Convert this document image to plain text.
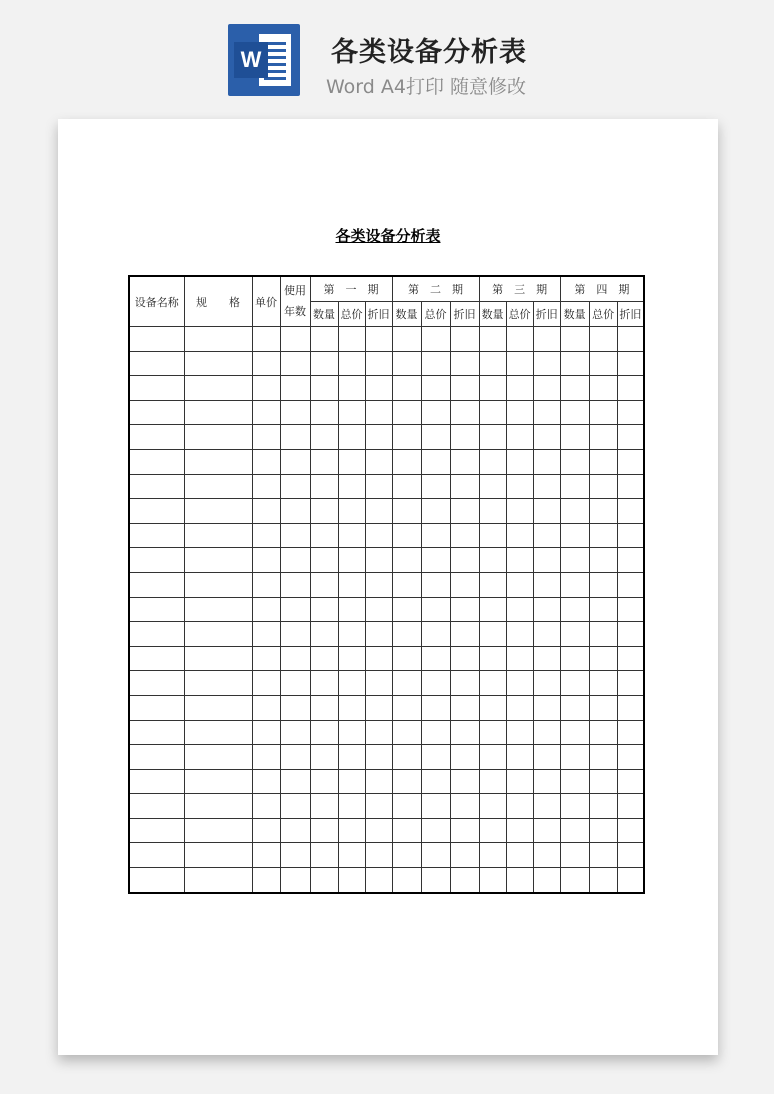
W	各类设备分析表
Word A4打印 随意修改
各类设备分析表
设备名称	规　　格	单价	使用年数	第　一　期			第　二　期			第　三　期			第　四　期		
				数量	总价	折旧	数量	总价	折旧	数量	总价	折旧	数量	总价	折旧
